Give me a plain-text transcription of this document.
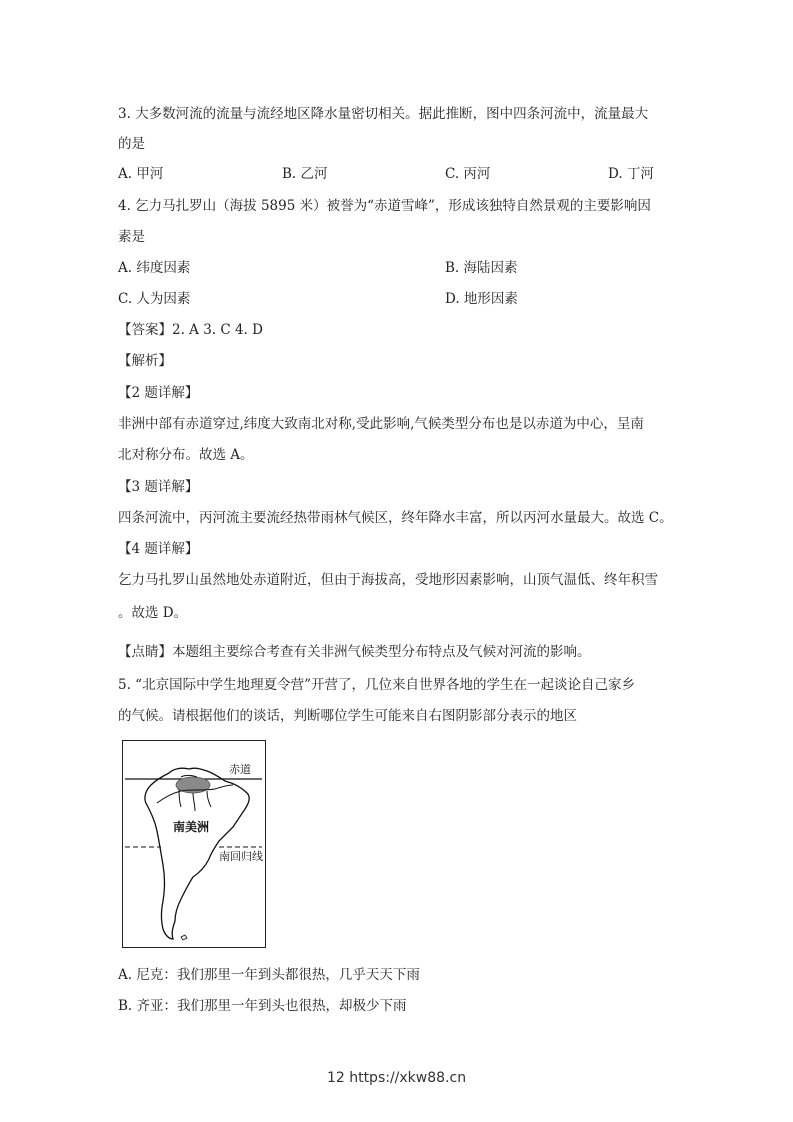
3. 大多数河流的流量与流经地区降水量密切相关。据此推断，图中四条河流中，流量最大
的是
A. 甲河	B. 乙河	C. 丙河	D. 丁河
4. 乞力马扎罗山（海拔 5895 米）被誉为“赤道雪峰”，形成该独特自然景观的主要影响因
素是
A. 纬度因素	B. 海陆因素
C. 人为因素	D. 地形因素
【答案】2. A 3. C 4. D
【解析】
【2 题详解】
非洲中部有赤道穿过,纬度大致南北对称,受此影响,气候类型分布也是以赤道为中心，呈南
北对称分布。故选 A。
【3 题详解】
四条河流中，丙河流主要流经热带雨林气候区，终年降水丰富，所以丙河水量最大。故选 C。
【4 题详解】
乞力马扎罗山虽然地处赤道附近，但由于海拔高，受地形因素影响，山顶气温低、终年积雪
。故选 D。
【点睛】本题组主要综合考查有关非洲气候类型分布特点及气候对河流的影响。
5. “北京国际中学生地理夏令营”开营了，几位来自世界各地的学生在一起谈论自己家乡
的气候。请根据他们的谈话，判断哪位学生可能来自右图阴影部分表示的地区
赤道
南美洲
南回归线
A. 尼克：我们那里一年到头都很热，几乎天天下雨
B. 齐亚：我们那里一年到头也很热，却极少下雨
12 https://xkw88.cn
